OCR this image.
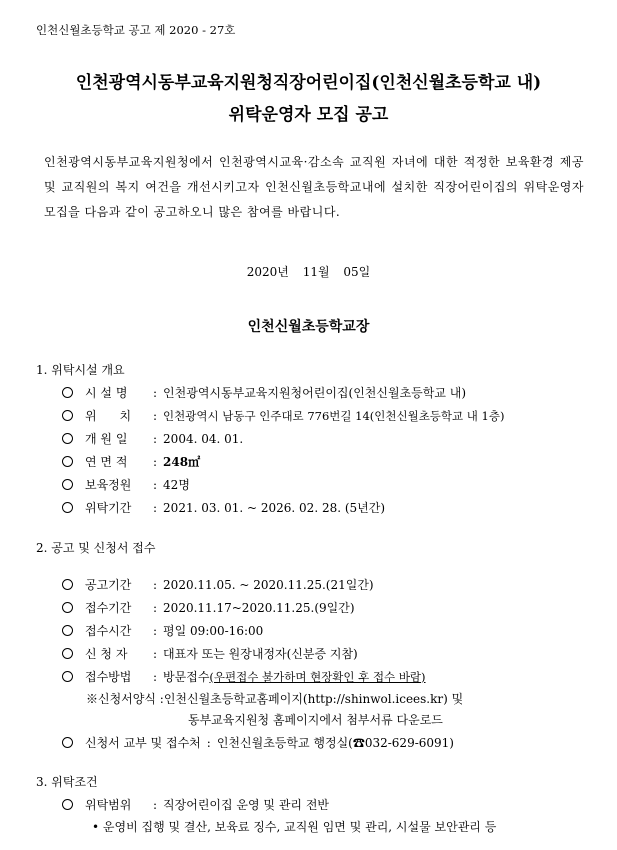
인천신월초등학교 공고 제 2020 - 27호
인천광역시동부교육지원청직장어린이집(인천신월초등학교 내)
위탁운영자 모집 공고
인천광역시동부교육지원청에서 인천광역시교육·감소속 교직원 자녀에 대한 적정한 보육환경 제공 및 교직원의 복지 여건을 개선시키고자 인천신월초등학교내에 설치한 직장어린이집의 위탁운영자 모집을 다음과 같이 공고하오니 많은 참여를 바랍니다.
2020년 11월 05일
인천신월초등학교장
1. 위탁시설 개요
시 설 명	: 인천광역시동부교육지원청어린이집(인천신월초등학교 내)
위      치	: 인천광역시 남동구 인주대로 776번길 14(인천신월초등학교 내 1층)
개 원 일	: 2004. 04. 01.
연 면 적	: 248㎡
보육정원	: 42명
위탁기간	: 2021. 03. 01. ~ 2026. 02. 28. (5년간)
2. 공고 및 신청서 접수
공고기간	: 2020.11.05. ~ 2020.11.25.(21일간)
접수기간	: 2020.11.17~2020.11.25.(9일간)
접수시간	: 평일 09:00-16:00
신 청 자	: 대표자 또는 원장내정자(신분증 지참)
접수방법	: 방문접수 (우편접수 불가하며 현장확인 후 접수 바람)
※신청서양식 :인천신월초등학교홈페이지(http://shinwol.icees.kr) 및
동부교육지원청 홈페이지에서 첨부서류 다운로드
신청서 교부 및 접수처 : 인천신월초등학교 행정실(☎032-629-6091)
3. 위탁조건
위탁범위	: 직장어린이집 운영 및 관리 전반
• 운영비 집행 및 결산, 보육료 징수, 교직원 임면 및 관리, 시설물 보안관리 등
